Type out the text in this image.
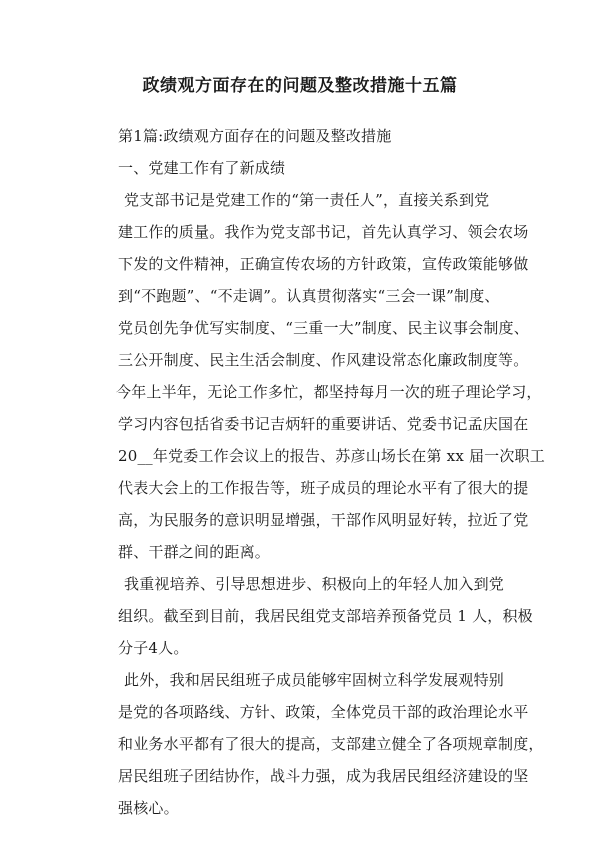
政绩观方面存在的问题及整改措施十五篇
第1篇:政绩观方面存在的问题及整改措施
一、党建工作有了新成绩
党支部书记是党建工作的“第一责任人”，直接关系到党
建工作的质量。我作为党支部书记，首先认真学习、领会农场
下发的文件精神，正确宣传农场的方针政策，宣传政策能够做
到“不跑题”、“不走调”。认真贯彻落实“三会一课”制度、
党员创先争优写实制度、“三重一大”制度、民主议事会制度、
三公开制度、民主生活会制度、作风建设常态化廉政制度等。
今年上半年，无论工作多忙，都坚持每月一次的班子理论学习，
学习内容包括省委书记吉炳轩的重要讲话、党委书记孟庆国在
20__年党委工作会议上的报告、苏彦山场长在第 xx 届一次职工
代表大会上的工作报告等，班子成员的理论水平有了很大的提
高，为民服务的意识明显增强，干部作风明显好转，拉近了党
群、干群之间的距离。
我重视培养、引导思想进步、积极向上的年轻人加入到党
组织。截至到目前，我居民组党支部培养预备党员 1 人，积极
分子4人。
此外，我和居民组班子成员能够牢固树立科学发展观特别
是党的各项路线、方针、政策，全体党员干部的政治理论水平
和业务水平都有了很大的提高，支部建立健全了各项规章制度，
居民组班子团结协作，战斗力强，成为我居民组经济建设的坚
强核心。
